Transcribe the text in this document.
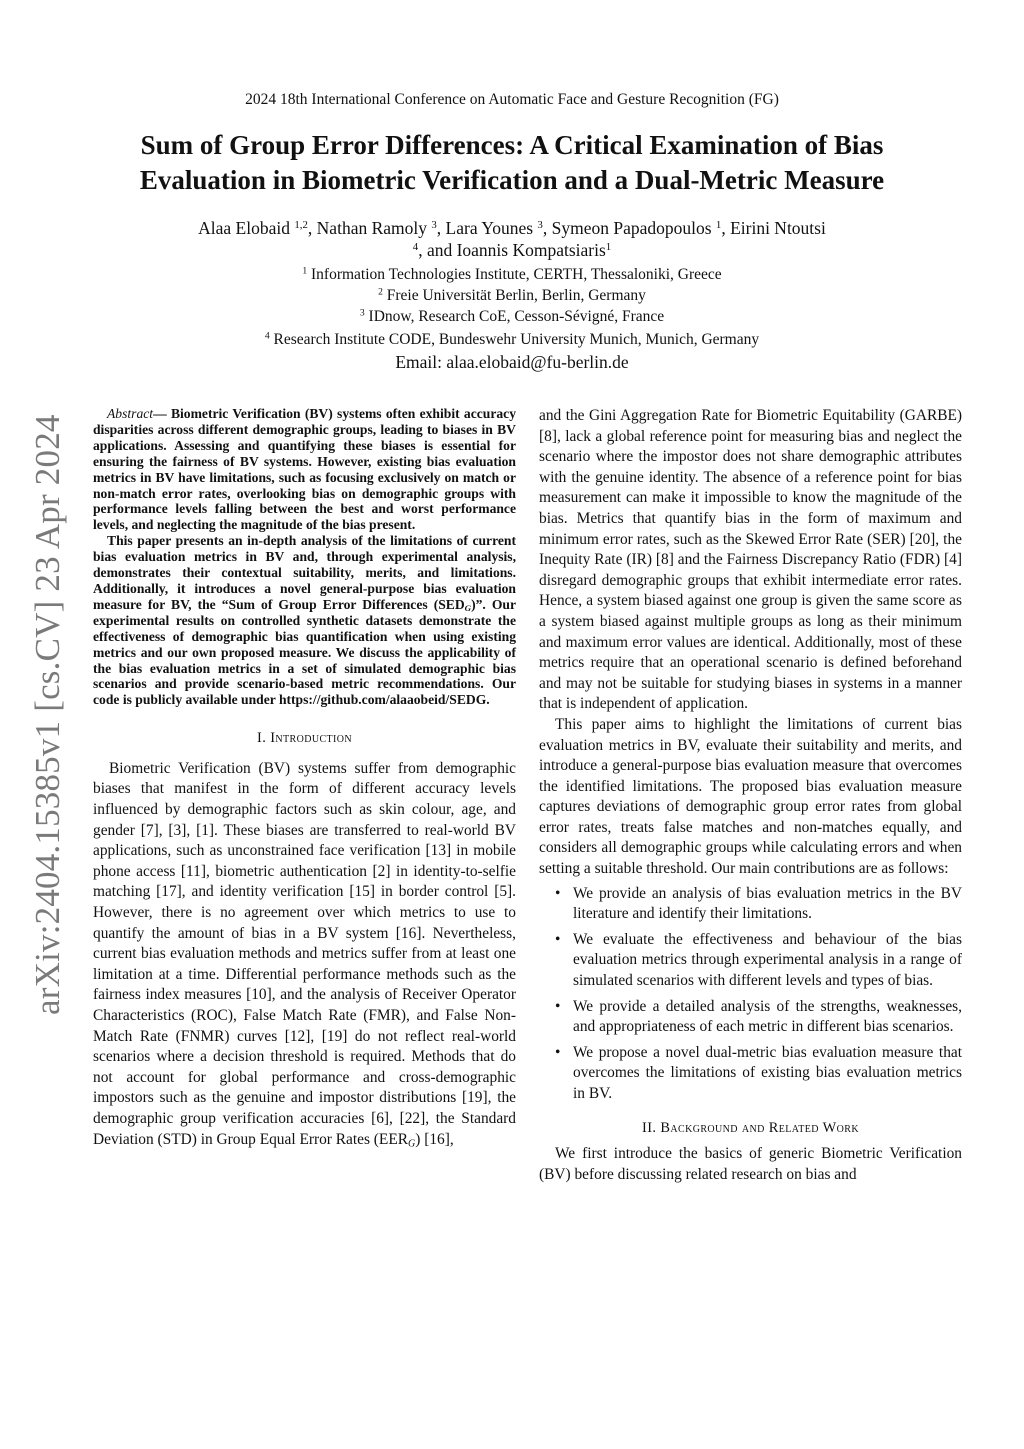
2024 18th International Conference on Automatic Face and Gesture Recognition (FG)
Sum of Group Error Differences: A Critical Examination of Bias
Evaluation in Biometric Verification and a Dual-Metric Measure
Alaa Elobaid $^{1,2}$, Nathan Ramoly $^3$, Lara Younes $^3$, Symeon Papadopoulos $^1$, Eirini Ntoutsi
$^4$, and Ioannis Kompatsiaris$^1$
$^1$ Information Technologies Institute, CERTH, Thessaloniki, Greece
$^2$ Freie Universität Berlin, Berlin, Germany
$^3$ IDnow, Research CoE, Cesson-Sévigné, France
$^4$ Research Institute CODE, Bundeswehr University Munich, Munich, Germany
Email: alaa.elobaid@fu-berlin.de
arXiv:2404.15385v1 [cs.CV] 23 Apr 2024

Abstract— Biometric Verification (BV) systems often exhibit accuracy disparities across different demographic groups, leading to biases in BV applications. Assessing and quantifying these biases is essential for ensuring the fairness of BV systems. However, existing bias evaluation metrics in BV have limitations, such as focusing exclusively on match or non-match error rates, overlooking bias on demographic groups with performance levels falling between the best and worst performance levels, and neglecting the magnitude of the bias present.

This paper presents an in-depth analysis of the limitations of current bias evaluation metrics in BV and, through experimental analysis, demonstrates their contextual suitability, merits, and limitations. Additionally, it introduces a novel general-purpose bias evaluation measure for BV, the “Sum of Group Error Differences $(SED_G)$”. Our experimental results on controlled synthetic datasets demonstrate the effectiveness of demographic bias quantification when using existing metrics and our own proposed measure. We discuss the applicability of the bias evaluation metrics in a set of simulated demographic bias scenarios and provide scenario-based metric recommendations. Our code is publicly available under https://github.com/alaaobeid/SEDG.

I. Introduction

Biometric Verification (BV) systems suffer from demographic biases that manifest in the form of different accuracy levels influenced by demographic factors such as skin colour, age, and gender [7], [3], [1]. These biases are transferred to real-world BV applications, such as unconstrained face verification [13] in mobile phone access [11], biometric authentication [2] in identity-to-selfie matching [17], and identity verification [15] in border control [5]. However, there is no agreement over which metrics to use to quantify the amount of bias in a BV system [16]. Nevertheless, current bias evaluation methods and metrics suffer from at least one limitation at a time. Differential performance methods such as the fairness index measures [10], and the analysis of Receiver Operator Characteristics (ROC), False Match Rate (FMR), and False Non-Match Rate (FNMR) curves [12], [19] do not reflect real-world scenarios where a decision threshold is required. Methods that do not account for global performance and cross-demographic impostors such as the genuine and impostor distributions [19], the demographic group verification accuracies [6], [22], the Standard Deviation (STD) in Group Equal Error Rates $(EER_G)$ [16],

and the Gini Aggregation Rate for Biometric Equitability (GARBE) [8], lack a global reference point for measuring bias and neglect the scenario where the impostor does not share demographic attributes with the genuine identity. The absence of a reference point for bias measurement can make it impossible to know the magnitude of the bias. Metrics that quantify bias in the form of maximum and minimum error rates, such as the Skewed Error Rate (SER) [20], the Inequity Rate (IR) [8] and the Fairness Discrepancy Ratio (FDR) [4] disregard demographic groups that exhibit intermediate error rates. Hence, a system biased against one group is given the same score as a system biased against multiple groups as long as their minimum and maximum error values are identical. Additionally, most of these metrics require that an operational scenario is defined beforehand and may not be suitable for studying biases in systems in a manner that is independent of application.

This paper aims to highlight the limitations of current bias evaluation metrics in BV, evaluate their suitability and merits, and introduce a general-purpose bias evaluation measure that overcomes the identified limitations. The proposed bias evaluation measure captures deviations of demographic group error rates from global error rates, treats false matches and non-matches equally, and considers all demographic groups while calculating errors and when setting a suitable threshold. Our main contributions are as follows:

• We provide an analysis of bias evaluation metrics in the BV literature and identify their limitations.
• We evaluate the effectiveness and behaviour of the bias evaluation metrics through experimental analysis in a range of simulated scenarios with different levels and types of bias.
• We provide a detailed analysis of the strengths, weaknesses, and appropriateness of each metric in different bias scenarios.
• We propose a novel dual-metric bias evaluation measure that overcomes the limitations of existing bias evaluation metrics in BV.

II. Background and Related Work

We first introduce the basics of generic Biometric Verification (BV) before discussing related research on bias and
